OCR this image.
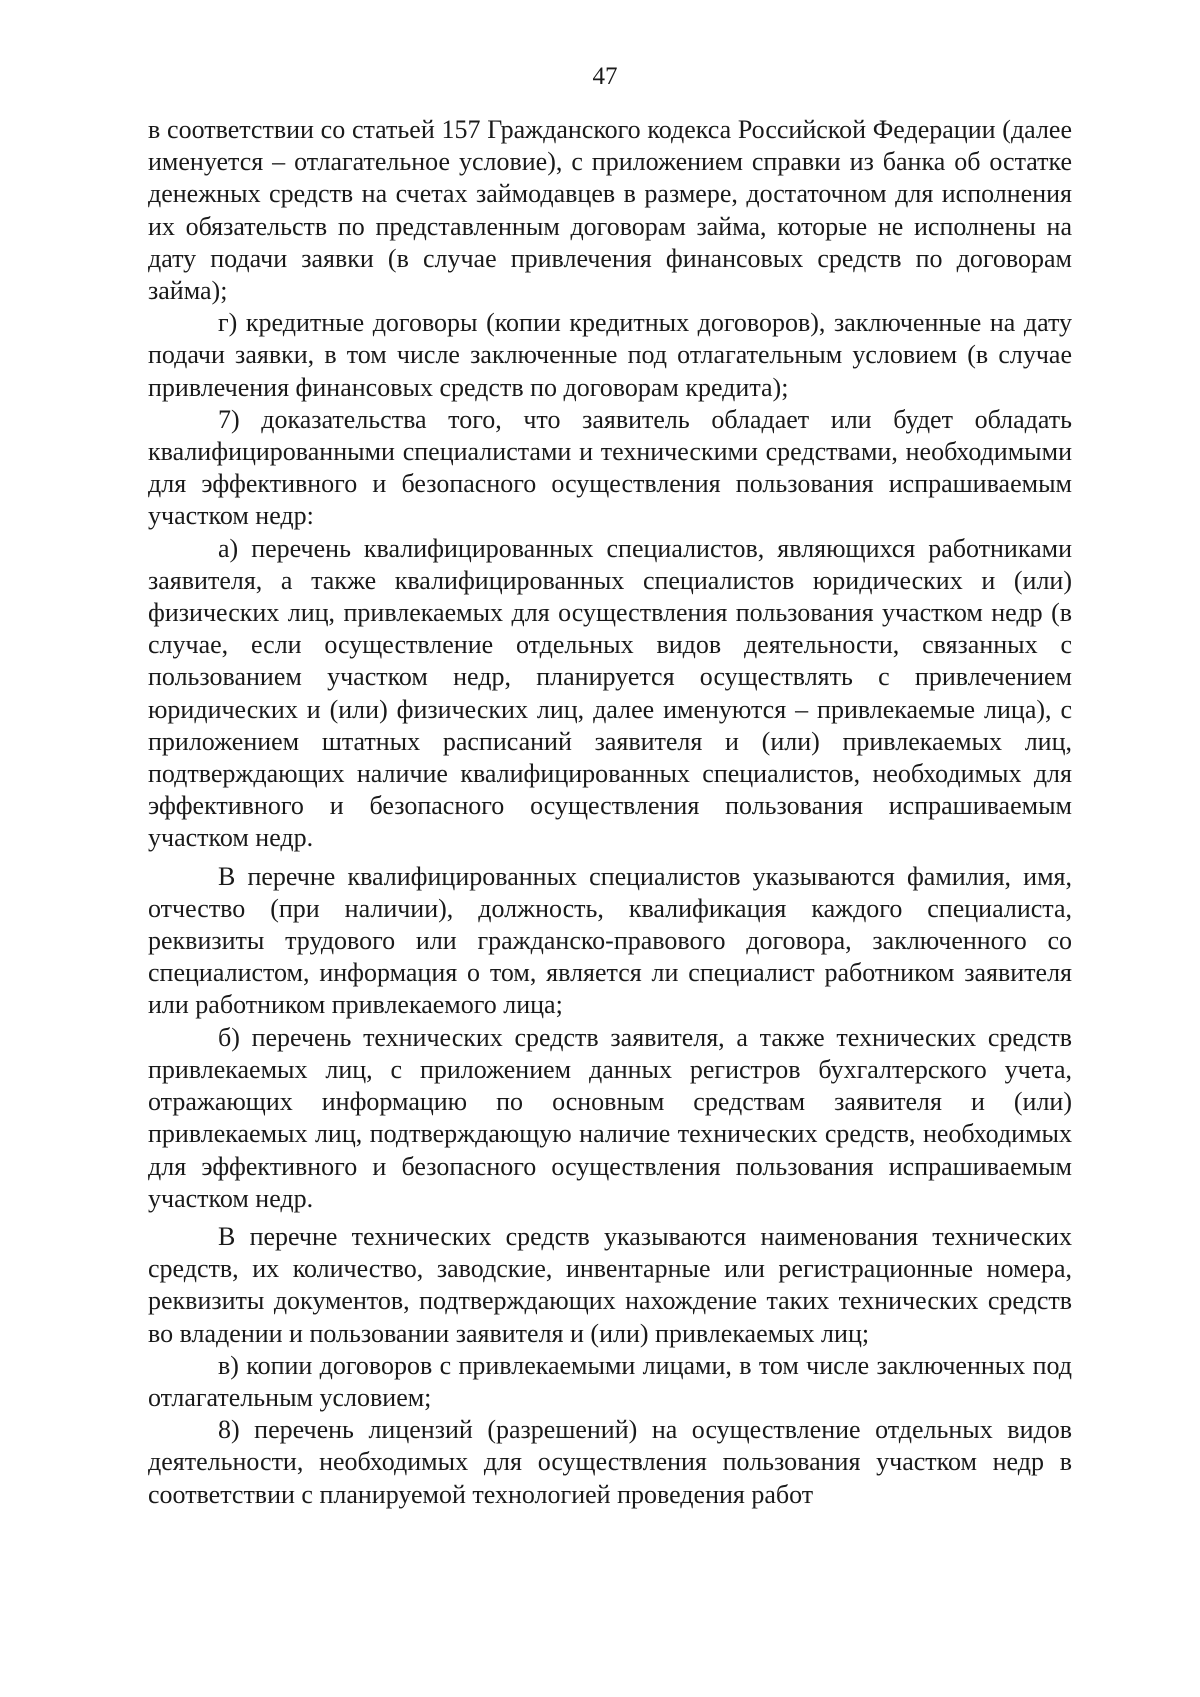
47

в соответствии со статьей 157 Гражданского кодекса Российской Федерации (далее именуется – отлагательное условие), с приложением справки из банка об остатке денежных средств на счетах займодавцев в размере, достаточном для исполнения их обязательств по представленным договорам займа, которые не исполнены на дату подачи заявки (в случае привлечения финансовых средств по договорам займа);

г) кредитные договоры (копии кредитных договоров), заключенные на дату подачи заявки, в том числе заключенные под отлагательным условием (в случае привлечения финансовых средств по договорам кредита);

7) доказательства того, что заявитель обладает или будет обладать квалифицированными специалистами и техническими средствами, необходимыми для эффективного и безопасного осуществления пользования испрашиваемым участком недр:

а) перечень квалифицированных специалистов, являющихся работниками заявителя, а также квалифицированных специалистов юридических и (или) физических лиц, привлекаемых для осуществления пользования участком недр (в случае, если осуществление отдельных видов деятельности, связанных с пользованием участком недр, планируется осуществлять с привлечением юридических и (или) физических лиц, далее именуются – привлекаемые лица), с приложением штатных расписаний заявителя и (или) привлекаемых лиц, подтверждающих наличие квалифицированных специалистов, необходимых для эффективного и безопасного осуществления пользования испрашиваемым участком недр.

В перечне квалифицированных специалистов указываются фамилия, имя, отчество (при наличии), должность, квалификация каждого специалиста, реквизиты трудового или гражданско-правового договора, заключенного со специалистом, информация о том, является ли специалист работником заявителя или работником привлекаемого лица;

б) перечень технических средств заявителя, а также технических средств привлекаемых лиц, с приложением данных регистров бухгалтерского учета, отражающих информацию по основным средствам заявителя и (или) привлекаемых лиц, подтверждающую наличие технических средств, необходимых для эффективного и безопасного осуществления пользования испрашиваемым участком недр.

В перечне технических средств указываются наименования технических средств, их количество, заводские, инвентарные или регистрационные номера, реквизиты документов, подтверждающих нахождение таких технических средств во владении и пользовании заявителя и (или) привлекаемых лиц;

в) копии договоров с привлекаемыми лицами, в том числе заключенных под отлагательным условием;

8) перечень лицензий (разрешений) на осуществление отдельных видов деятельности, необходимых для осуществления пользования участком недр в соответствии с планируемой технологией проведения работ
